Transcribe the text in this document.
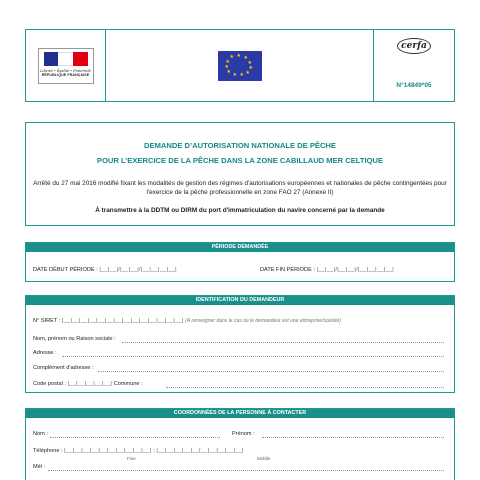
Liberté • Égalité • Fraternité
RÉPUBLIQUE FRANÇAISE
★ ★
★
★
★
★
★
★
★
★
★
cerfa
N°14849*05
DEMANDE D’AUTORISATION NATIONALE DE PÊCHE
POUR L’EXERCICE DE LA PÊCHE DANS LA ZONE CABILLAUD MER CELTIQUE
Arrêté du 27 mai 2016 modifié fixant les modalités de gestion des régimes d'autorisations européennes et nationales de pêche contingentées pour l'exercice de la pêche professionnelle en zone FAO 27 (Annexe II)
À transmettre à la DDTM ou DIRM du port d'immatriculation du navire concerné par la demande
PÉRIODE DEMANDÉE
DATE DÉBUT PÉRIODE : |__|__|/|__|__|/|__|__|__|__|	DATE FIN PÉRIODE : |__|__|/|__|__|/|__|__|__|__|
IDENTIFICATION DU DEMANDEUR
N° SIRET : |__|__|__|__|__|__|__|__|__|__|__|__|__|__| (A renseigner dans le cas où le demandeur est une entreprise/société)
Nom, prénom ou Raison sociale :
Adresse :
Complément d'adresse :
Code postal : |__|__|__|__|__| Commune :
COORDONNÉES DE LA PERSONNE À CONTACTER
Nom :	Prénom :
Téléphone : |__|__|__|__|__|__|__|__|__|__| ; |__|__|__|__|__|__|__|__|__|__|
Fixe	Mobile
Mél :
